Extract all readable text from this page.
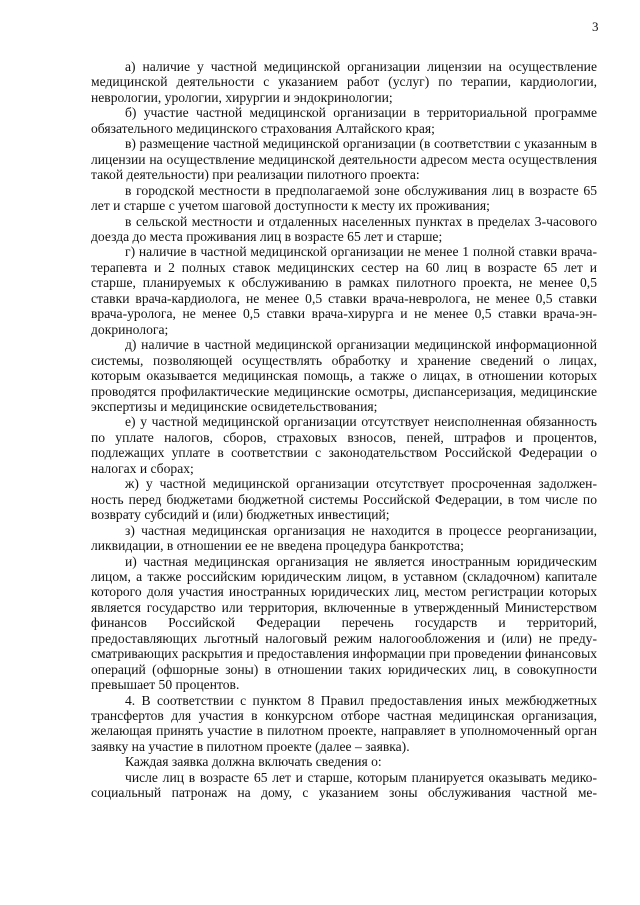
3

а) наличие у частной медицинской организации лицензии на осуществление медицинской деятельности с указанием работ (услуг) по терапии, кардиологии, неврологии, урологии, хирургии и эндокринологии;

б) участие частной медицинской организации в территориальной программе обязательного медицинского страхования Алтайского края;

в) размещение частной медицинской организации (в соответствии с указанным в лицензии на осуществление медицинской деятельности адресом места осуществления такой деятельности) при реализации пилотного проекта:

в городской местности в предполагаемой зоне обслуживания лиц в возрасте 65 лет и старше с учетом шаговой доступности к месту их проживания;

в сельской местности и отдаленных населенных пунктах в пределах 3-часового доезда до места проживания лиц в возрасте 65 лет и старше;

г) наличие в частной медицинской организации не менее 1 полной ставки врача-терапевта и 2 полных ставок медицинских сестер на 60 лиц в возрасте 65 лет и старше, планируемых к обслуживанию в рамках пилотного проекта, не менее 0,5 ставки врача-кардиолога, не менее 0,5 ставки врача-невролога, не менее 0,5 ставки врача-уролога, не менее 0,5 ставки врача-хирурга и не менее 0,5 ставки врача-эндокринолога;

д) наличие в частной медицинской организации медицинской информационной системы, позволяющей осуществлять обработку и хранение сведений о лицах, которым оказывается медицинская помощь, а также о лицах, в отношении которых проводятся профилактические медицинские осмотры, диспансеризация, медицинские экспертизы и медицинские освидетельствования;

е) у частной медицинской организации отсутствует неисполненная обязанность по уплате налогов, сборов, страховых взносов, пеней, штрафов и процентов, подлежащих уплате в соответствии с законодательством Российской Федерации о налогах и сборах;

ж) у частной медицинской организации отсутствует просроченная задолженность перед бюджетами бюджетной системы Российской Федерации, в том числе по возврату субсидий и (или) бюджетных инвестиций;

з) частная медицинская организация не находится в процессе реорганизации, ликвидации, в отношении ее не введена процедура банкротства;

и) частная медицинская организация не является иностранным юридическим лицом, а также российским юридическим лицом, в уставном (складочном) капитале которого доля участия иностранных юридических лиц, местом регистрации которых является государство или территория, включенные в утвержденный Министерством финансов Российской Федерации перечень государств и территорий, предоставляющих льготный налоговый режим налогообложения и (или) не предусматривающих раскрытия и предоставления информации при проведении финансовых операций (офшорные зоны) в отношении таких юридических лиц, в совокупности превышает 50 процентов.

4. В соответствии с пунктом 8 Правил предоставления иных межбюджетных трансфертов для участия в конкурсном отборе частная медицинская организация, желающая принять участие в пилотном проекте, направляет в уполномоченный орган заявку на участие в пилотном проекте (далее – заявка).

Каждая заявка должна включать сведения о:

числе лиц в возрасте 65 лет и старше, которым планируется оказывать медико-социальный патронаж на дому, с указанием зоны обслуживания частной ме-
